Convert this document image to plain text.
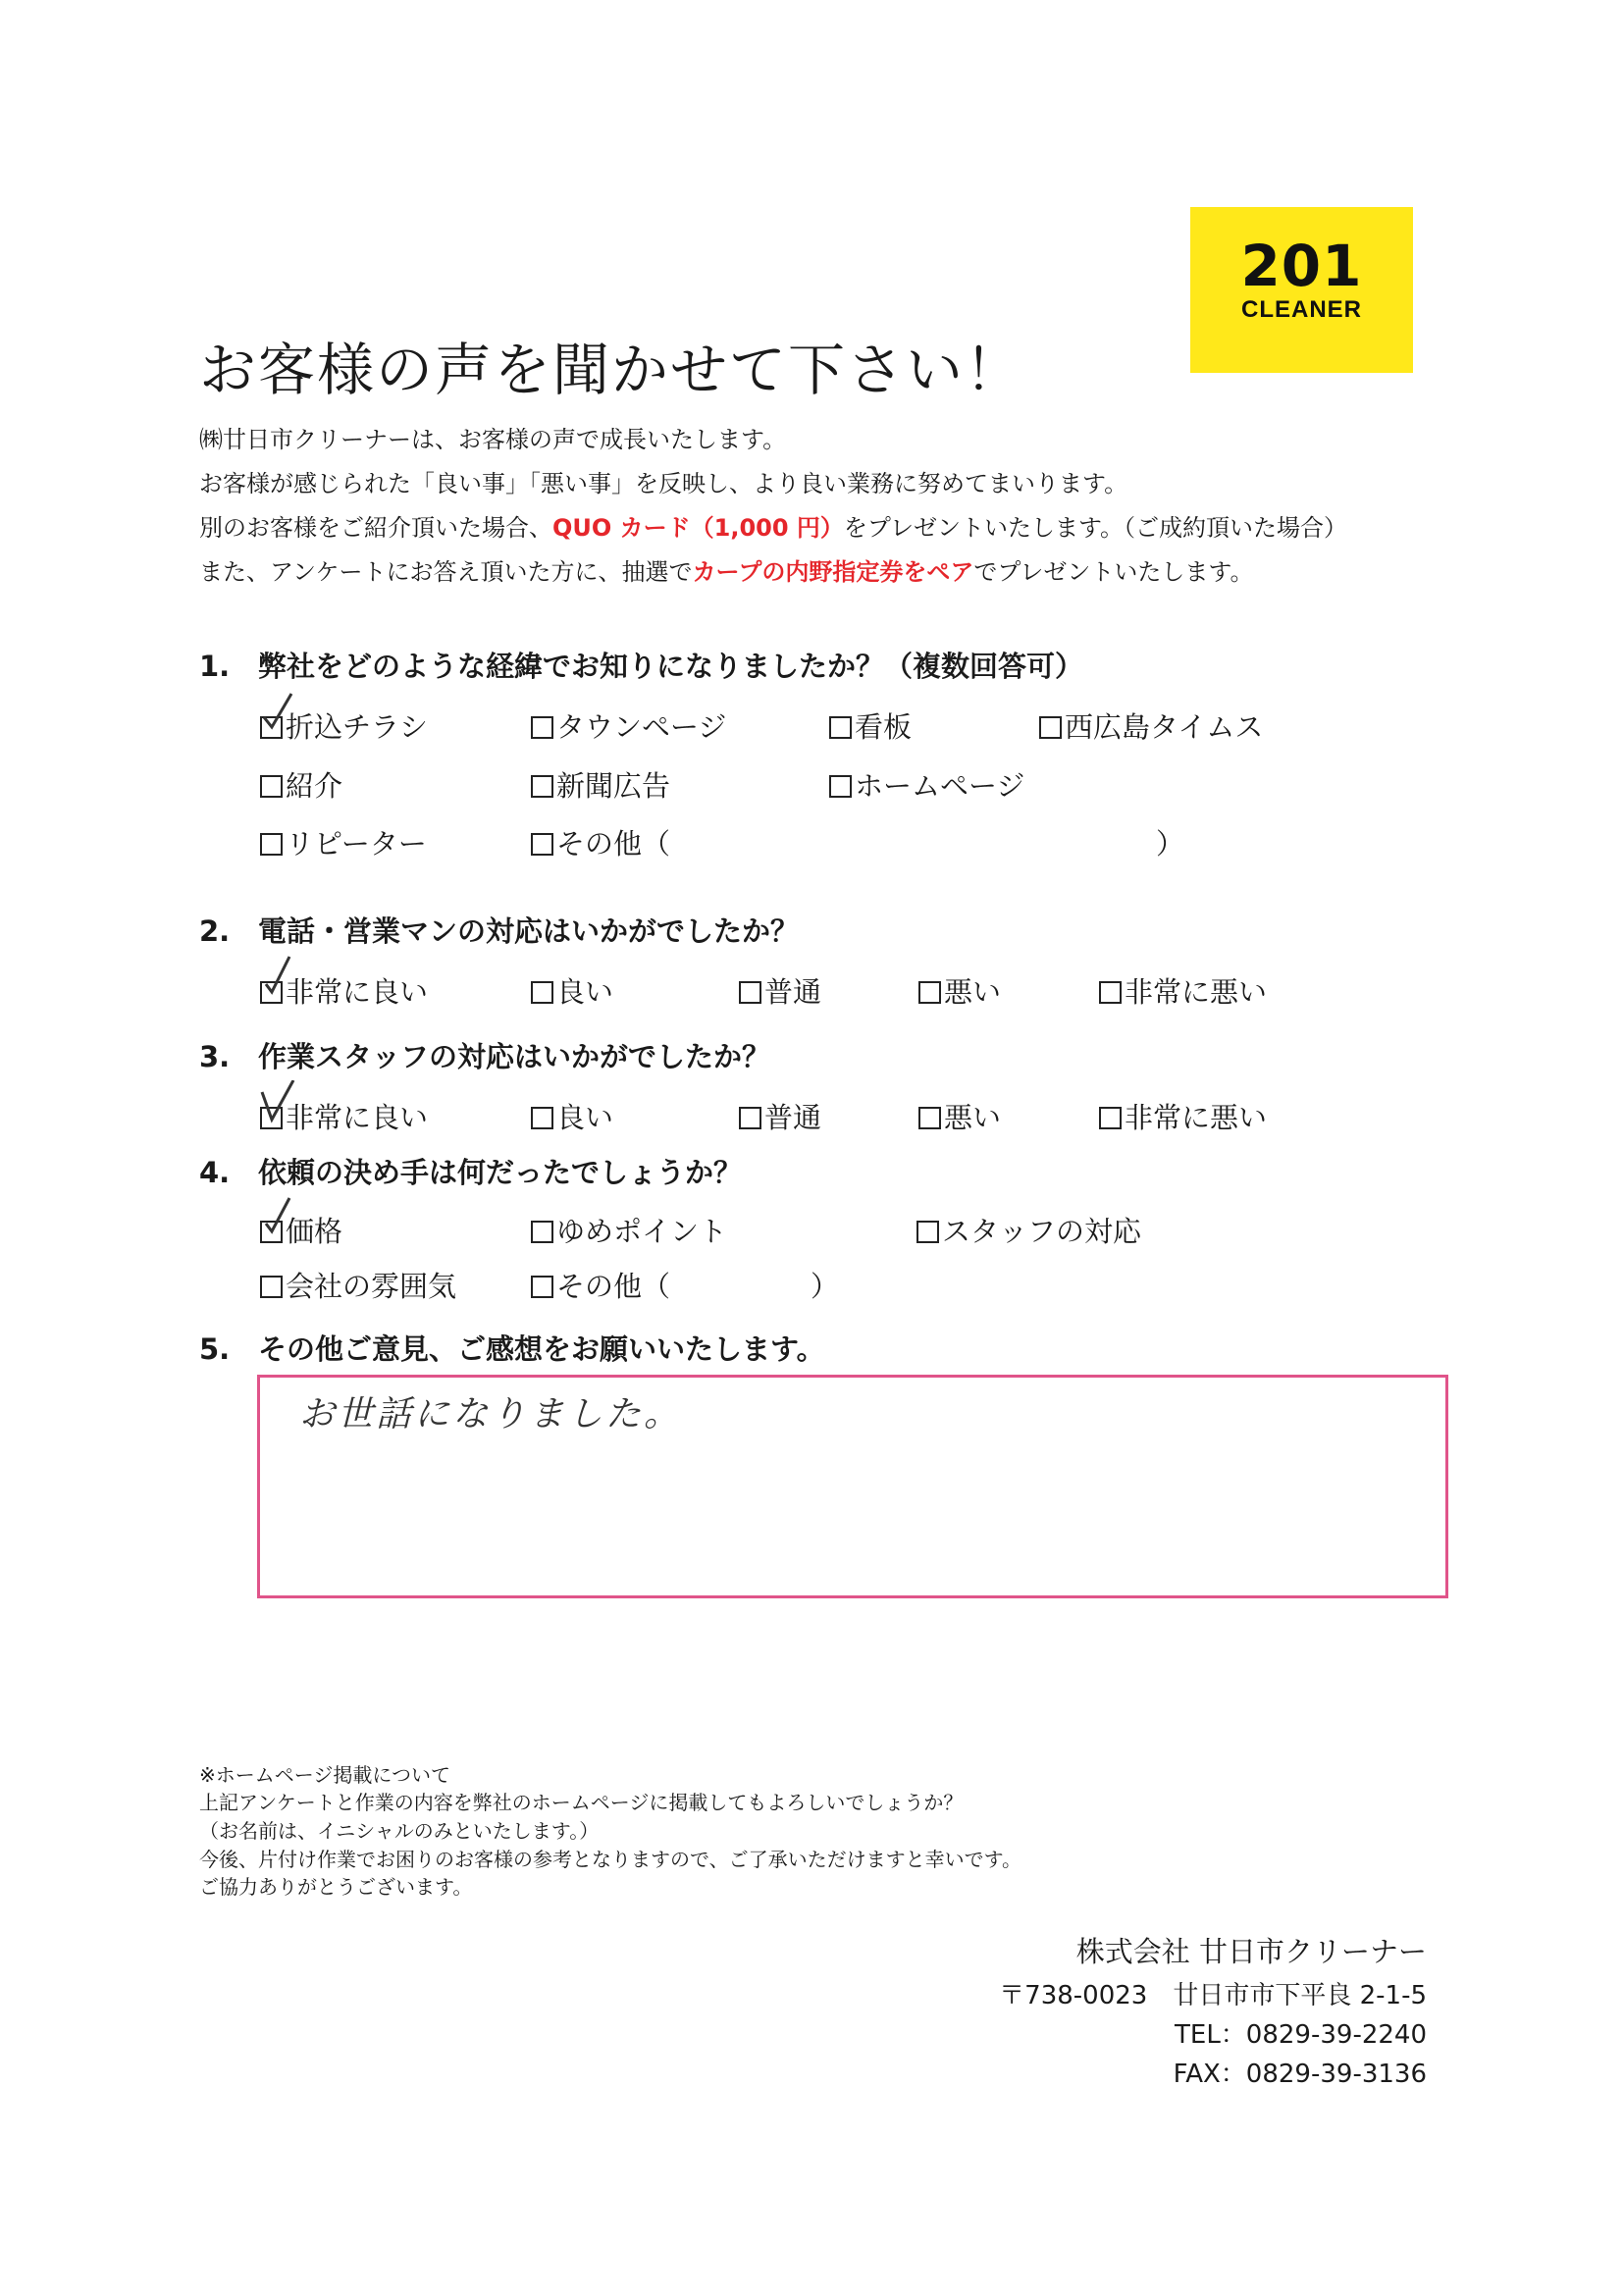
201
CLEANER
お客様の声を聞かせて下さい！
㈱廿日市クリーナーは、お客様の声で成長いたします。
お客様が感じられた「良い事」「悪い事」を反映し、より良い業務に努めてまいります。
別のお客様をご紹介頂いた場合、QUO カード（1,000 円）をプレゼントいたします。（ご成約頂いた場合）
また、アンケートにお答え頂いた方に、抽選でカープの内野指定券をペアでプレゼントいたします。
1. 弊社をどのような経緯でお知りになりましたか？（複数回答可）
折込チラシ	タウンページ	看板	西広島タイムス
紹介	新聞広告	ホームページ
リピーター	その他（	）
2. 電話・営業マンの対応はいかがでしたか？
非常に良い	良い	普通	悪い	非常に悪い
3. 作業スタッフの対応はいかがでしたか？
非常に良い	良い	普通	悪い	非常に悪い
4. 依頼の決め手は何だったでしょうか？
価格	ゆめポイント	スタッフの対応
会社の雰囲気	その他（	）
5. その他ご意見、ご感想をお願いいたします。
お世話になりました。
※ホームページ掲載について
上記アンケートと作業の内容を弊社のホームページに掲載してもよろしいでしょうか？
（お名前は、イニシャルのみといたします。）
今後、片付け作業でお困りのお客様の参考となりますので、ご了承いただけますと幸いです。
ご協力ありがとうございます。
株式会社 廿日市クリーナー
〒738-0023　廿日市市下平良 2-1-5
TEL：0829-39-2240
FAX：0829-39-3136
